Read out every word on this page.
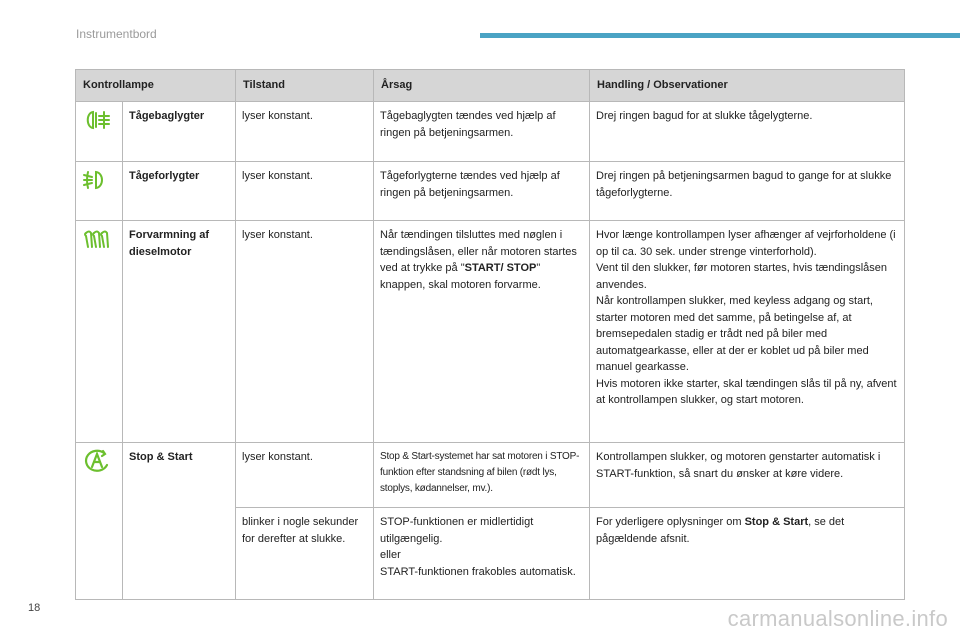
Instrumentbord
Kontrollampe		Tilstand	Årsag	Handling / Observationer
	Tågebaglygter	lyser konstant.	Tågebaglygten tændes ved hjælp af ringen på betjeningsarmen.	Drej ringen bagud for at slukke tågelygterne.
	Tågeforlygter	lyser konstant.	Tågeforlygterne tændes ved hjælp af ringen på betjeningsarmen.	Drej ringen på betjeningsarmen bagud to gange for at slukke tågeforlygterne.
	Forvarmning af dieselmotor	lyser konstant.	Når tændingen tilsluttes med nøglen i tændingslåsen, eller når motoren startes ved at trykke på "START/ STOP" knappen, skal motoren forvarme.	Hvor længe kontrollampen lyser afhænger af vejrforholdene (i op til ca. 30 sek. under strenge vinterforhold).
Vent til den slukker, før motoren startes, hvis tændingslåsen anvendes.
Når kontrollampen slukker, med keyless adgang og start, starter motoren med det samme, på betingelse af, at bremsepedalen stadig er trådt ned på biler med automatgearkasse, eller at der er koblet ud på biler med manuel gearkasse.
Hvis motoren ikke starter, skal tændingen slås til på ny, afvent at kontrollampen slukker, og start motoren.
	Stop & Start	lyser konstant.	Stop & Start-systemet har sat motoren i STOP-funktion efter standsning af bilen (rødt lys, stoplys, kødannelser, mv.).	Kontrollampen slukker, og motoren genstarter automatisk i START-funktion, så snart du ønsker at køre videre.
		blinker i nogle sekunder for derefter at slukke.	STOP-funktionen er midlertidigt utilgængelig.
eller
START-funktionen frakobles automatisk.	For yderligere oplysninger om Stop & Start, se det pågældende afsnit.
18	carmanualsonline.info
